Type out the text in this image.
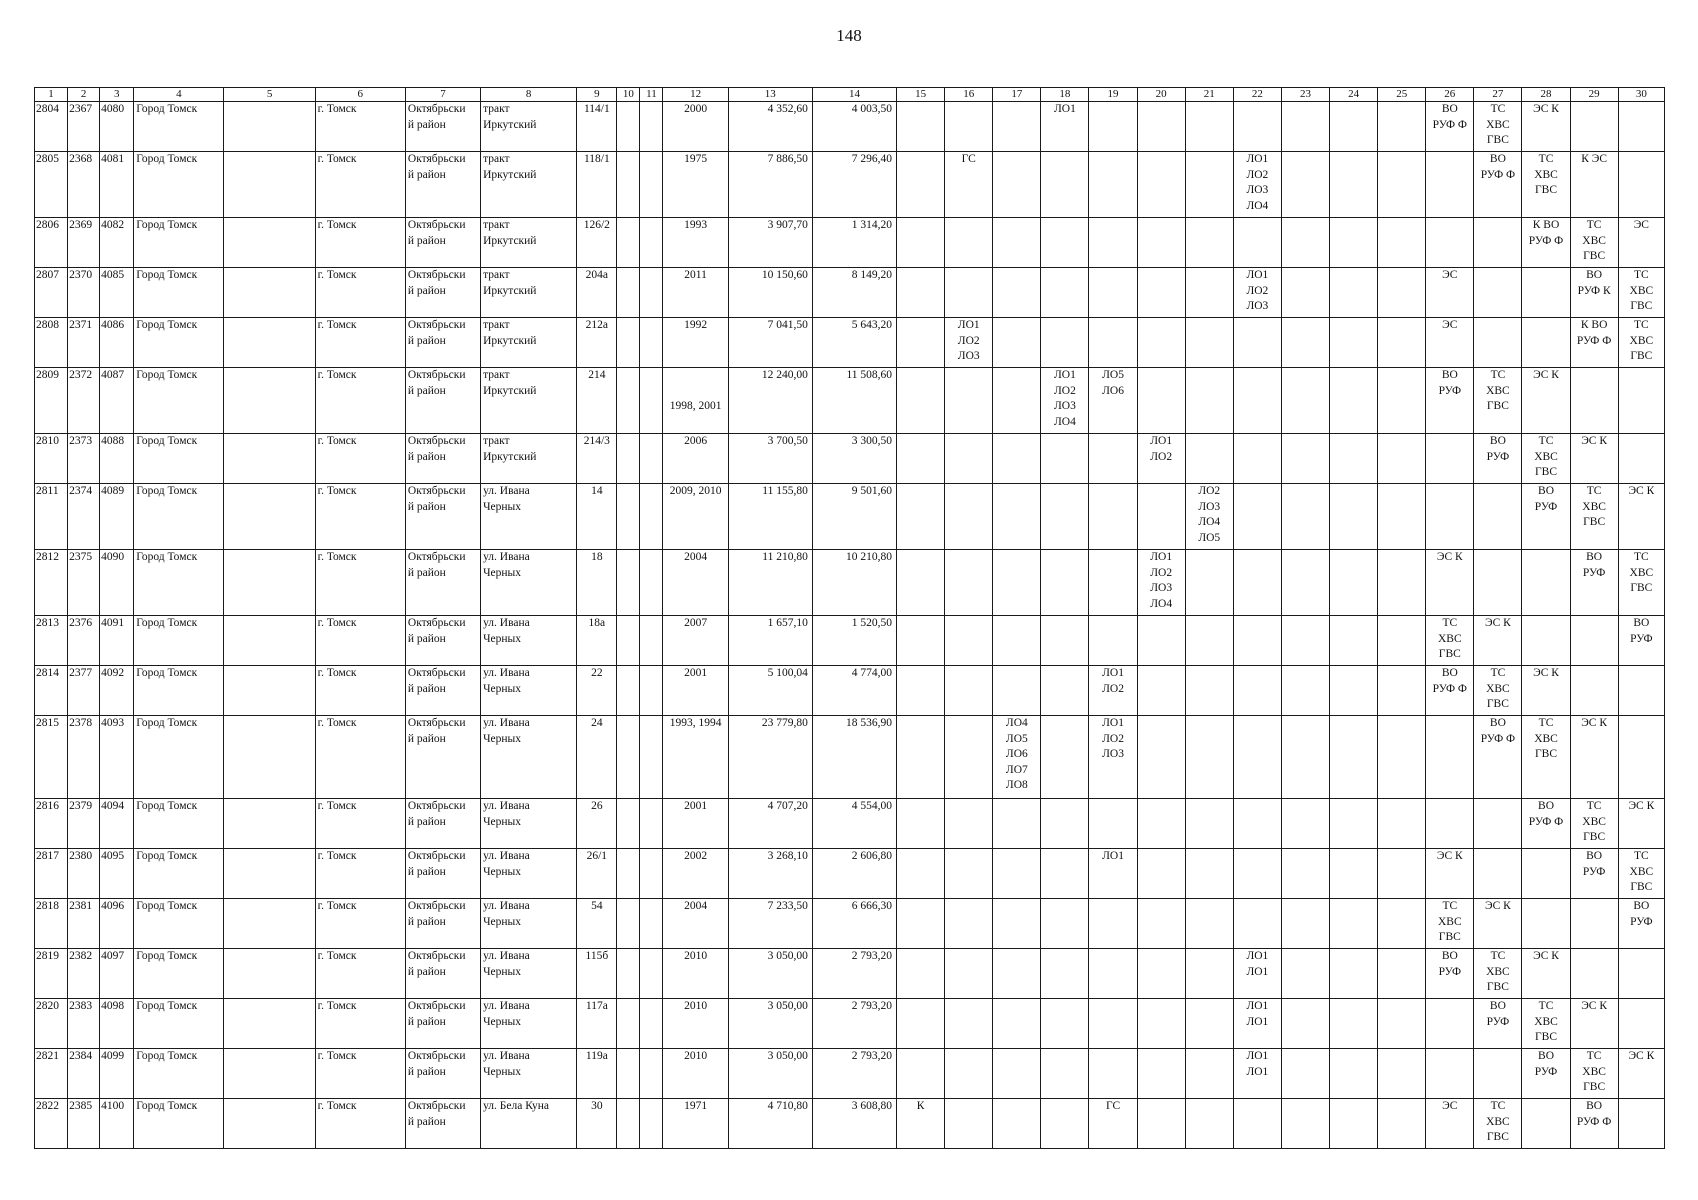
148
1	2	3	4	5	6	7	8	9	10	11	12	13	14	15	16	17	18	19	20	21	22	23	24	25	26	27	28	29	30
2804	2367	4080	Город Томск		г. Томск	Октябрьски
й район	тракт
Иркутский	114/1			2000	4 352,60	4 003,50				ЛО1								ВО
РУФ Ф	ТС
ХВС
ГВС	ЭС К		
2805	2368	4081	Город Томск		г. Томск	Октябрьски
й район	тракт
Иркутский	118/1			1975	7 886,50	7 296,40		ГС						ЛО1
ЛО2
ЛО3
ЛО4					ВО
РУФ Ф	ТС
ХВС
ГВС	К ЭС	
2806	2369	4082	Город Томск		г. Томск	Октябрьски
й район	тракт
Иркутский	126/2			1993	3 907,70	1 314,20														К ВО
РУФ Ф	ТС
ХВС
ГВС	ЭС
2807	2370	4085	Город Томск		г. Томск	Октябрьски
й район	тракт
Иркутский	204а			2011	10 150,60	8 149,20								ЛО1
ЛО2
ЛО3				ЭС			ВО
РУФ К	ТС
ХВС
ГВС
2808	2371	4086	Город Томск		г. Томск	Октябрьски
й район	тракт
Иркутский	212а			1992	7 041,50	5 643,20		ЛО1
ЛО2
ЛО3										ЭС			К ВО
РУФ Ф	ТС
ХВС
ГВС
2809	2372	4087	Город Томск		г. Томск	Октябрьски
й район	тракт
Иркутский	214			

1998, 2001	12 240,00	11 508,60				ЛО1
ЛО2
ЛО3
ЛО4	ЛО5
ЛО6							ВО
РУФ	ТС
ХВС
ГВС	ЭС К		
2810	2373	4088	Город Томск		г. Томск	Октябрьски
й район	тракт
Иркутский	214/3			2006	3 700,50	3 300,50						ЛО1
ЛО2							ВО
РУФ	ТС
ХВС
ГВС	ЭС К	
2811	2374	4089	Город Томск		г. Томск	Октябрьски
й район	ул. Ивана
Черных	14			2009, 2010	11 155,80	9 501,60							ЛО2
ЛО3
ЛО4
ЛО5							ВО
РУФ	ТС
ХВС
ГВС	ЭС К
2812	2375	4090	Город Томск		г. Томск	Октябрьски
й район	ул. Ивана
Черных	18			2004	11 210,80	10 210,80						ЛО1
ЛО2
ЛО3
ЛО4						ЭС К			ВО
РУФ	ТС
ХВС
ГВС
2813	2376	4091	Город Томск		г. Томск	Октябрьски
й район	ул. Ивана
Черных	18а			2007	1 657,10	1 520,50												ТС
ХВС
ГВС	ЭС К			ВО
РУФ
2814	2377	4092	Город Томск		г. Томск	Октябрьски
й район	ул. Ивана
Черных	22			2001	5 100,04	4 774,00					ЛО1
ЛО2							ВО
РУФ Ф	ТС
ХВС
ГВС	ЭС К		
2815	2378	4093	Город Томск		г. Томск	Октябрьски
й район	ул. Ивана
Черных	24			1993, 1994	23 779,80	18 536,90			ЛО4
ЛО5
ЛО6
ЛО7
ЛО8		ЛО1
ЛО2
ЛО3								ВО
РУФ Ф	ТС
ХВС
ГВС	ЭС К	
2816	2379	4094	Город Томск		г. Томск	Октябрьски
й район	ул. Ивана
Черных	26			2001	4 707,20	4 554,00														ВО
РУФ Ф	ТС
ХВС
ГВС	ЭС К
2817	2380	4095	Город Томск		г. Томск	Октябрьски
й район	ул. Ивана
Черных	26/1			2002	3 268,10	2 606,80					ЛО1							ЭС К			ВО
РУФ	ТС
ХВС
ГВС
2818	2381	4096	Город Томск		г. Томск	Октябрьски
й район	ул. Ивана
Черных	54			2004	7 233,50	6 666,30												ТС
ХВС
ГВС	ЭС К			ВО
РУФ
2819	2382	4097	Город Томск		г. Томск	Октябрьски
й район	ул. Ивана
Черных	115б			2010	3 050,00	2 793,20								ЛО1
ЛО1				ВО
РУФ	ТС
ХВС
ГВС	ЭС К		
2820	2383	4098	Город Томск		г. Томск	Октябрьски
й район	ул. Ивана
Черных	117а			2010	3 050,00	2 793,20								ЛО1
ЛО1					ВО
РУФ	ТС
ХВС
ГВС	ЭС К	
2821	2384	4099	Город Томск		г. Томск	Октябрьски
й район	ул. Ивана
Черных	119а			2010	3 050,00	2 793,20								ЛО1
ЛО1						ВО
РУФ	ТС
ХВС
ГВС	ЭС К
2822	2385	4100	Город Томск		г. Томск	Октябрьски
й район	ул. Бела Куна	30			1971	4 710,80	3 608,80	К				ГС							ЭС	ТС
ХВС
ГВС		ВО
РУФ Ф	
